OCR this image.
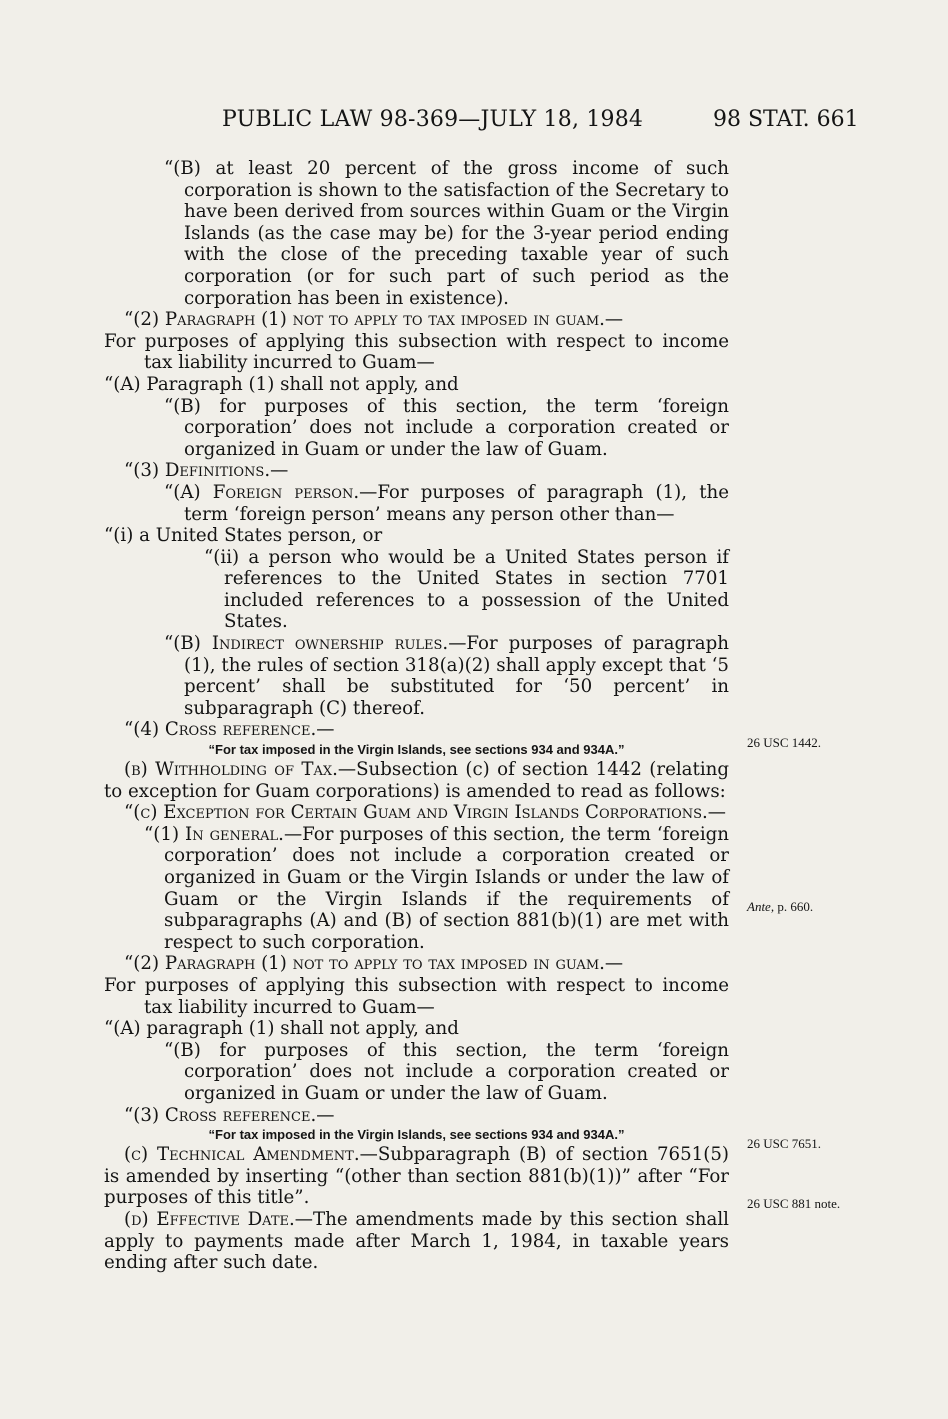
PUBLIC LAW 98-369—JULY 18, 1984	98 STAT. 661

“(B) at least 20 percent of the gross income of such corporation is shown to the satisfaction of the Secretary to have been derived from sources within Guam or the Virgin Islands (as the case may be) for the 3-year period ending with the close of the preceding taxable year of such corporation (or for such part of such period as the corporation has been in existence).

“(2) Paragraph (1) not to apply to tax imposed in guam.—

For purposes of applying this subsection with respect to income tax liability incurred to Guam—

“(A) Paragraph (1) shall not apply, and

“(B) for purposes of this section, the term ‘foreign corporation’ does not include a corporation created or organized in Guam or under the law of Guam.

“(3) Definitions.—

“(A) Foreign person.—For purposes of paragraph (1), the term ‘foreign person’ means any person other than—

“(i) a United States person, or

“(ii) a person who would be a United States person if references to the United States in section 7701 included references to a possession of the United States.

“(B) Indirect ownership rules.—For purposes of paragraph (1), the rules of section 318(a)(2) shall apply except that ‘5 percent’ shall be substituted for ‘50 percent’ in subparagraph (C) thereof.

“(4) Cross reference.—

“For tax imposed in the Virgin Islands, see sections 934 and 934A.”

(b) Withholding of Tax.—Subsection (c) of section 1442 (relating to exception for Guam corporations) is amended to read as follows:

“(c) Exception for Certain Guam and Virgin Islands Corporations.—

“(1) In general.—For purposes of this section, the term ‘foreign corporation’ does not include a corporation created or organized in Guam or the Virgin Islands or under the law of Guam or the Virgin Islands if the requirements of subparagraphs (A) and (B) of section 881(b)(1) are met with respect to such corporation.

“(2) Paragraph (1) not to apply to tax imposed in guam.—

For purposes of applying this subsection with respect to income tax liability incurred to Guam—

“(A) paragraph (1) shall not apply, and

“(B) for purposes of this section, the term ‘foreign corporation’ does not include a corporation created or organized in Guam or under the law of Guam.

“(3) Cross reference.—

“For tax imposed in the Virgin Islands, see sections 934 and 934A.”

(c) Technical Amendment.—Subparagraph (B) of section 7651(5) is amended by inserting “(other than section 881(b)(1))” after “For purposes of this title”.

(d) Effective Date.—The amendments made by this section shall apply to payments made after March 1, 1984, in taxable years ending after such date.

26 USC 1442.
Ante, p. 660.
26 USC 7651.
26 USC 881 note.
